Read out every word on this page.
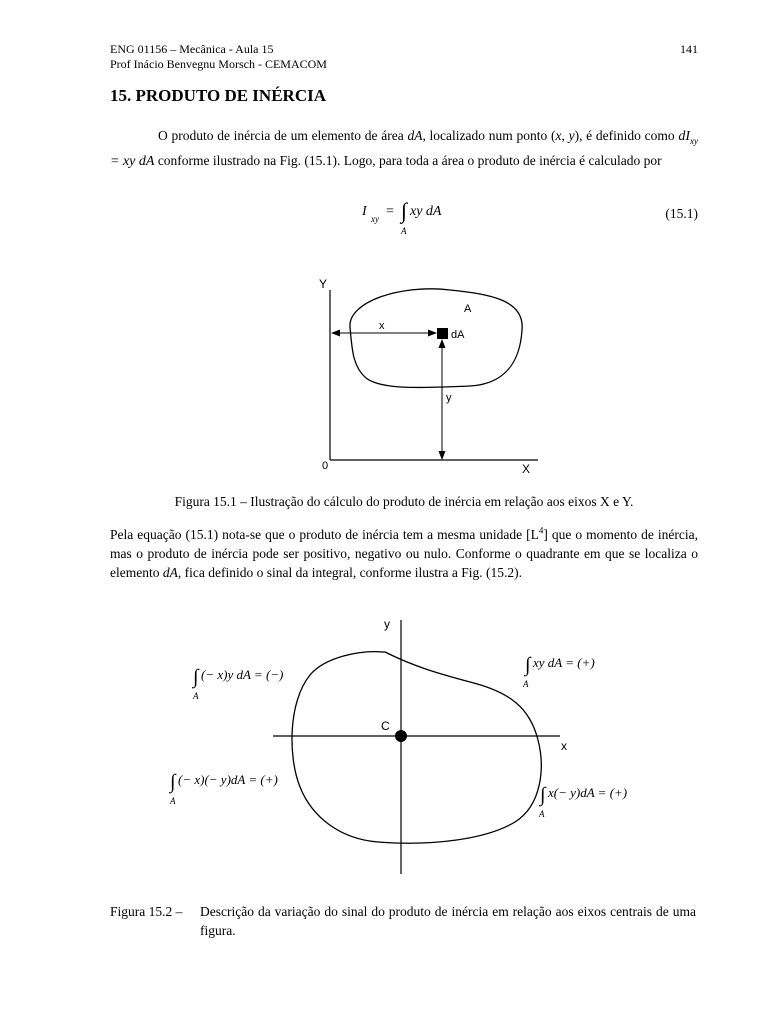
ENG 01156 – Mecânica - Aula 15
Prof Inácio Benvegnu Morsch - CEMACOM
141
15. PRODUTO DE INÉRCIA
O produto de inércia de um elemento de área dA, localizado num ponto (x, y), é definido como $dI_{xy}$ = xy dA conforme ilustrado na Fig. (15.1). Logo, para toda a área o produto de inércia é calculado por
I xy = ∫ xy dA
A
(15.1)
Y
X
0
A
x
y
dA
Figura 15.1 – Ilustração do cálculo do produto de inércia em relação aos eixos X e Y.
Pela equação (15.1) nota-se que o produto de inércia tem a mesma unidade $[L^4]$ que o momento de inércia, mas o produto de inércia pode ser positivo, negativo ou nulo. Conforme o quadrante em que se localiza o elemento dA, fica definido o sinal da integral, conforme ilustra a Fig. (15.2).
C
y
x
∫ xy dA = (+)
A
∫ (− x)y dA = (−)
A
∫ (− x)(− y)dA = (+)
A	∫ x(− y)dA = (+)
A
Figura 15.2 – Descrição da variação do sinal do produto de inércia em relação aos eixos centrais de uma figura.
